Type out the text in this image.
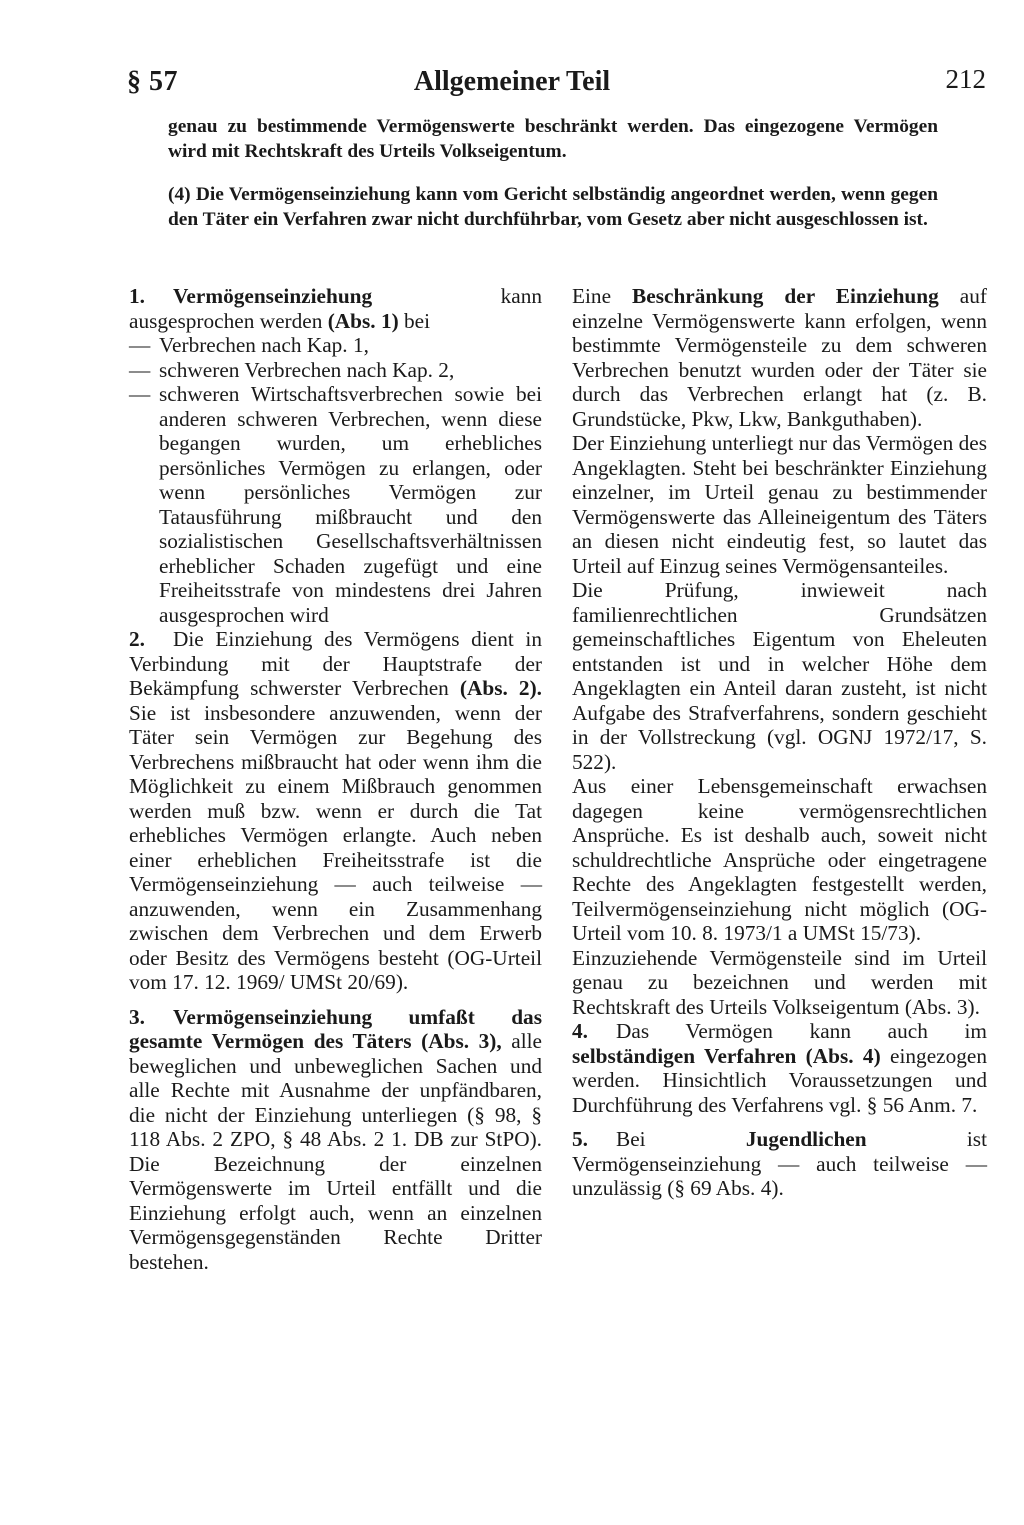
§ 57	Allgemeiner Teil	212

genau zu bestimmende Vermögenswerte beschränkt werden. Das eingezogene Vermögen wird mit Rechtskraft des Urteils Volkseigentum.

(4) Die Vermögenseinziehung kann vom Gericht selbständig angeordnet werden, wenn gegen den Täter ein Verfahren zwar nicht durchführbar, vom Gesetz aber nicht ausgeschlossen ist.

1. Vermögenseinziehung kann ausgesprochen werden (Abs. 1) bei

— Verbrechen nach Kap. 1,
— schweren Verbrechen nach Kap. 2,
— schweren Wirtschaftsverbrechen sowie bei anderen schweren Verbrechen, wenn diese begangen wurden, um erhebliches persönliches Vermögen zu erlangen, oder wenn persönliches Vermögen zur Tatausführung mißbraucht und den sozialistischen Gesellschaftsverhältnissen erheblicher Schaden zugefügt und eine Freiheitsstrafe von mindestens drei Jahren ausgesprochen wird

2. Die Einziehung des Vermögens dient in Verbindung mit der Hauptstrafe der Bekämpfung schwerster Verbrechen (Abs. 2). Sie ist insbesondere anzuwenden, wenn der Täter sein Vermögen zur Begehung des Verbrechens mißbraucht hat oder wenn ihm die Möglichkeit zu einem Mißbrauch genommen werden muß bzw. wenn er durch die Tat erhebliches Vermögen erlangte. Auch neben einer erheblichen Freiheitsstrafe ist die Vermögenseinziehung — auch teilweise — anzuwenden, wenn ein Zusammenhang zwischen dem Verbrechen und dem Erwerb oder Besitz des Vermögens besteht (OG-Urteil vom 17. 12. 1969/ UMSt 20/69).

3. Vermögenseinziehung umfaßt das gesamte Vermögen des Täters (Abs. 3), alle beweglichen und unbeweglichen Sachen und alle Rechte mit Ausnahme der unpfändbaren, die nicht der Einziehung unterliegen (§ 98, § 118 Abs. 2 ZPO, § 48 Abs. 2 1. DB zur StPO). Die Bezeichnung der einzelnen Vermögenswerte im Urteil entfällt und die Einziehung erfolgt auch, wenn an einzelnen Vermögensgegenständen Rechte Dritter bestehen.

Eine Beschränkung der Einziehung auf einzelne Vermögenswerte kann erfolgen, wenn bestimmte Vermögensteile zu dem schweren Verbrechen benutzt wurden oder der Täter sie durch das Verbrechen erlangt hat (z. B. Grundstücke, Pkw, Lkw, Bankguthaben).

Der Einziehung unterliegt nur das Vermögen des Angeklagten. Steht bei beschränkter Einziehung einzelner, im Urteil genau zu bestimmender Vermögenswerte das Alleineigentum des Täters an diesen nicht eindeutig fest, so lautet das Urteil auf Einzug seines Vermögensanteiles.

Die Prüfung, inwieweit nach familienrechtlichen Grundsätzen gemeinschaftliches Eigentum von Eheleuten entstanden ist und in welcher Höhe dem Angeklagten ein Anteil daran zusteht, ist nicht Aufgabe des Strafverfahrens, sondern geschieht in der Vollstreckung (vgl. OGNJ 1972/17, S. 522).

Aus einer Lebensgemeinschaft erwachsen dagegen keine vermögensrechtlichen Ansprüche. Es ist deshalb auch, soweit nicht schuldrechtliche Ansprüche oder eingetragene Rechte des Angeklagten festgestellt werden, Teilvermögenseinziehung nicht möglich (OG-Urteil vom 10. 8. 1973/1 a UMSt 15/73).

Einzuziehende Vermögensteile sind im Urteil genau zu bezeichnen und werden mit Rechtskraft des Urteils Volkseigentum (Abs. 3).

4. Das Vermögen kann auch im selbständigen Verfahren (Abs. 4) eingezogen werden. Hinsichtlich Voraussetzungen und Durchführung des Verfahrens vgl. § 56 Anm. 7.

5. Bei Jugendlichen ist Vermögenseinziehung — auch teilweise — unzulässig (§ 69 Abs. 4).
